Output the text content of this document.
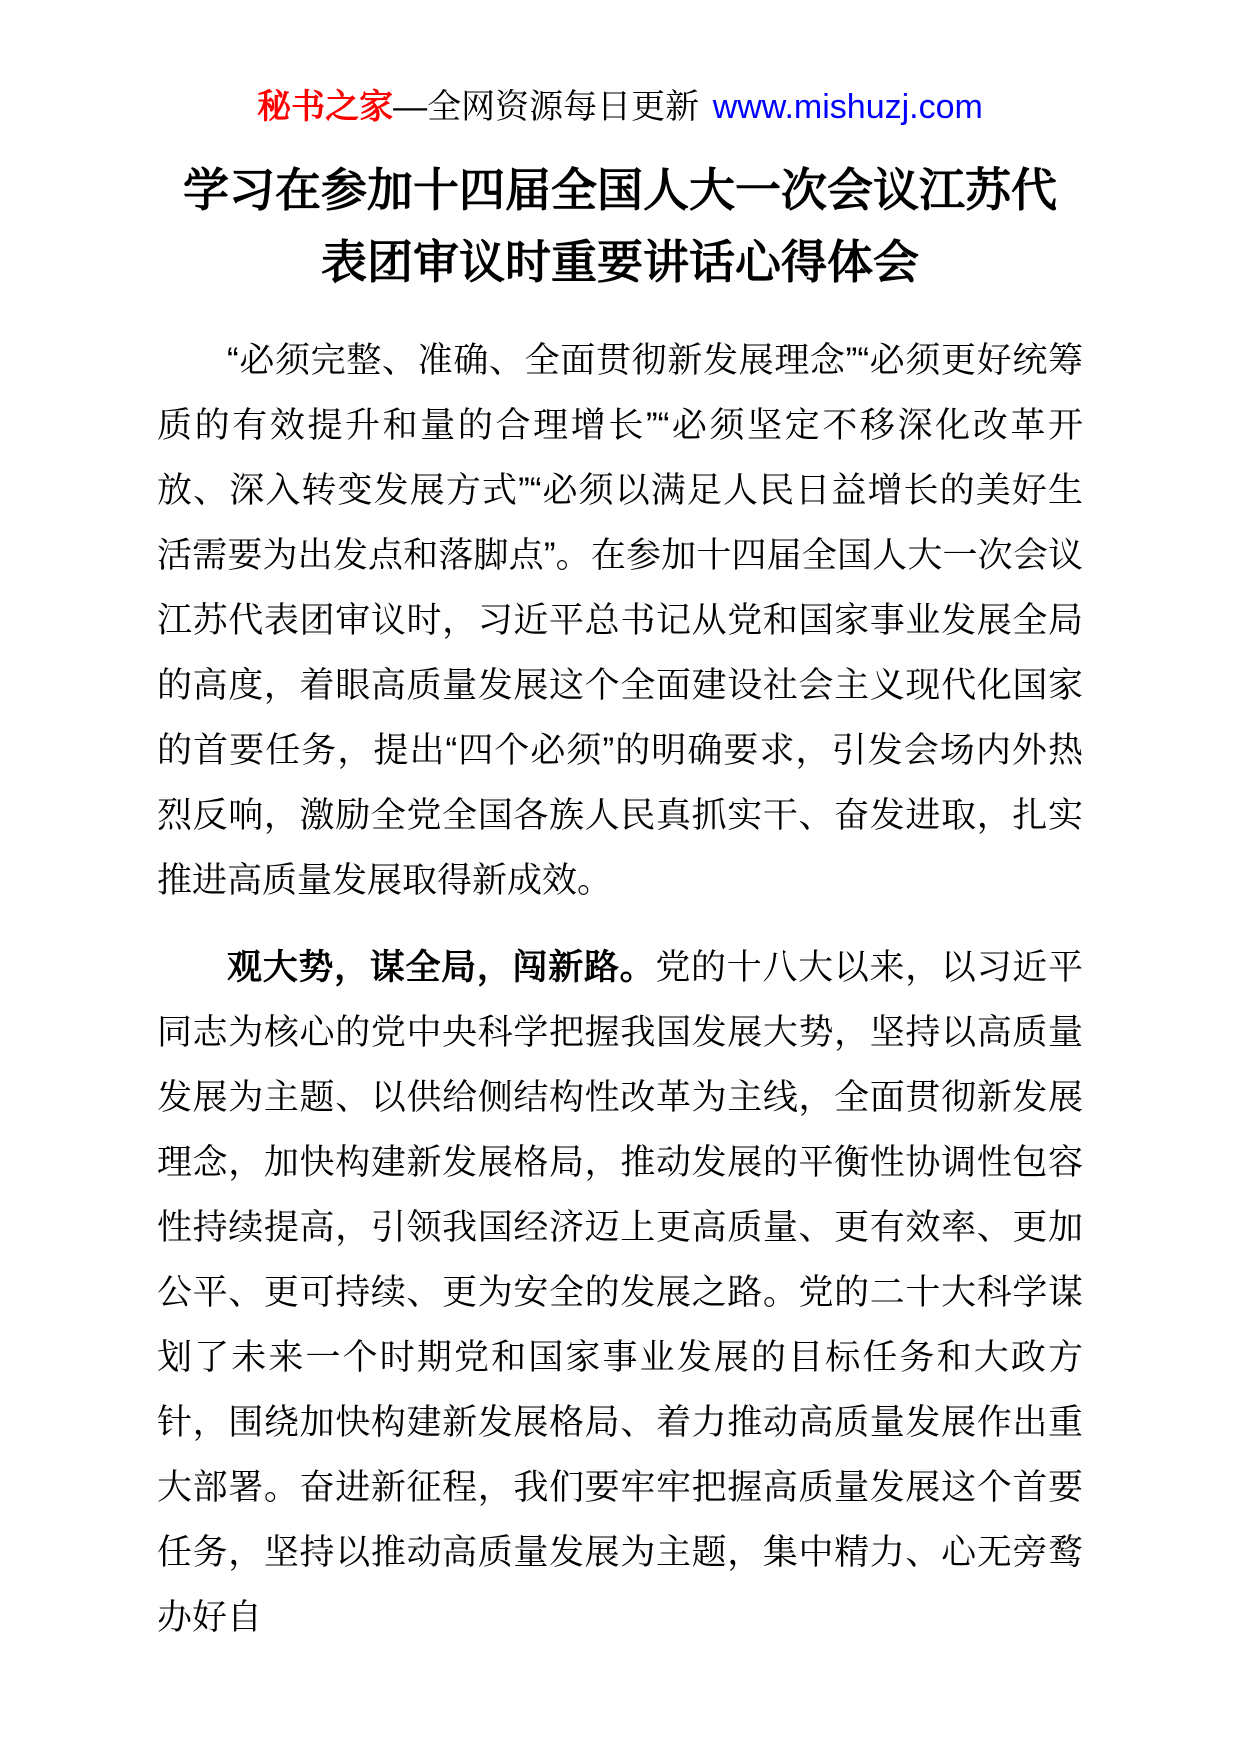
秘书之家—全网资源每日更新 www.mishuzj.com
学习在参加十四届全国人大一次会议江苏代表团审议时重要讲话心得体会

“必须完整、准确、全面贯彻新发展理念”“必须更好统筹质的有效提升和量的合理增长”“必须坚定不移深化改革开放、深入转变发展方式”“必须以满足人民日益增长的美好生活需要为出发点和落脚点”。在参加十四届全国人大一次会议江苏代表团审议时，习近平总书记从党和国家事业发展全局的高度，着眼高质量发展这个全面建设社会主义现代化国家的首要任务，提出“四个必须”的明确要求，引发会场内外热烈反响，激励全党全国各族人民真抓实干、奋发进取，扎实推进高质量发展取得新成效。

观大势，谋全局，闯新路。党的十八大以来，以习近平同志为核心的党中央科学把握我国发展大势，坚持以高质量发展为主题、以供给侧结构性改革为主线，全面贯彻新发展理念，加快构建新发展格局，推动发展的平衡性协调性包容性持续提高，引领我国经济迈上更高质量、更有效率、更加公平、更可持续、更为安全的发展之路。党的二十大科学谋划了未来一个时期党和国家事业发展的目标任务和大政方针，围绕加快构建新发展格局、着力推动高质量发展作出重大部署。奋进新征程，我们要牢牢把握高质量发展这个首要任务，坚持以推动高质量发展为主题，集中精力、心无旁鹜办好自
